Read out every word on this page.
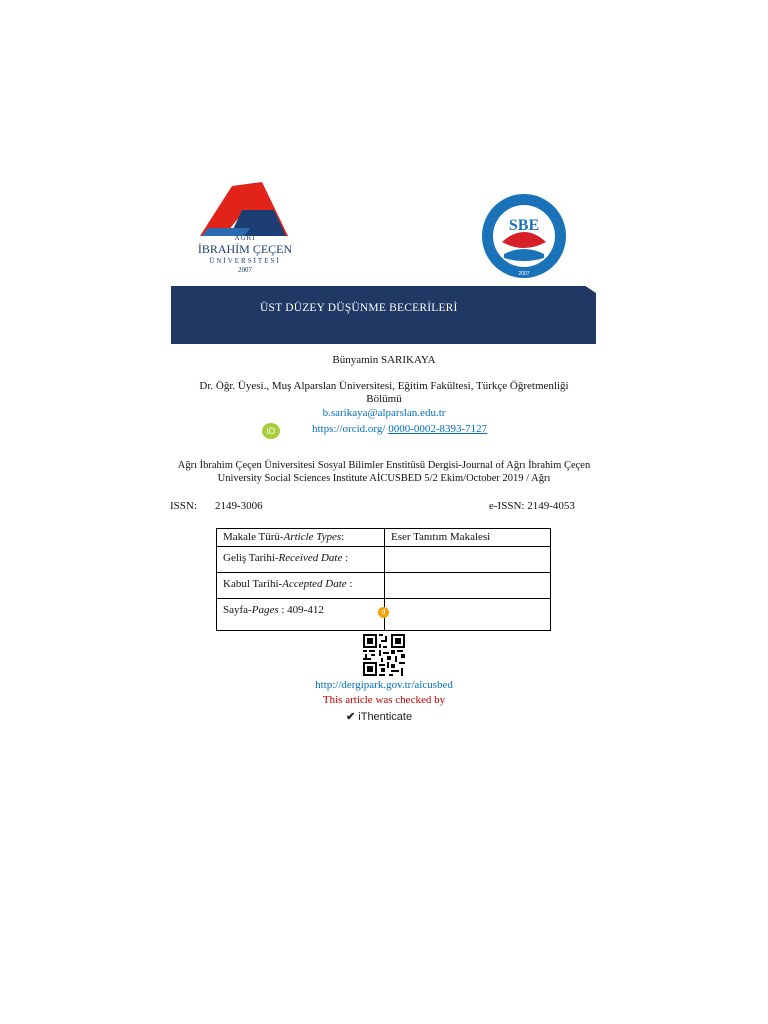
AĞRI
İBRAHİM ÇEÇEN
ÜNİVERSİTESİ
2007
SBE
2007
ÜST DÜZEY DÜŞÜNME BECERİLERİ
Bünyamin SARIKAYA
Dr. Öğr. Üyesi., Muş Alparslan Üniversitesi, Eğitim Fakültesi, Türkçe Öğretmenliği
Bölümü
b.sarikaya@alparslan.edu.tr
iD	https://orcid.org/ 0000-0002-8393-7127
Ağrı İbrahim Çeçen Üniversitesi Sosyal Bilimler Enstitüsü Dergisi-Journal of Ağrı İbrahim Çeçen
University Social Sciences Institute AİCUSBED 5/2 Ekim/October 2019 / Ağrı
ISSN: 2149-3006	e-ISSN: 2149-4053
Makale Türü-Article Types:	Eser Tanıtım Makalesi
Geliş Tarihi-Received Date :	
Kabul Tarihi-Accepted Date :	
Sayfa-Pages : 409-412	d
http://dergipark.gov.tr/aicusbed
This article was checked by
✔ iThenticate
